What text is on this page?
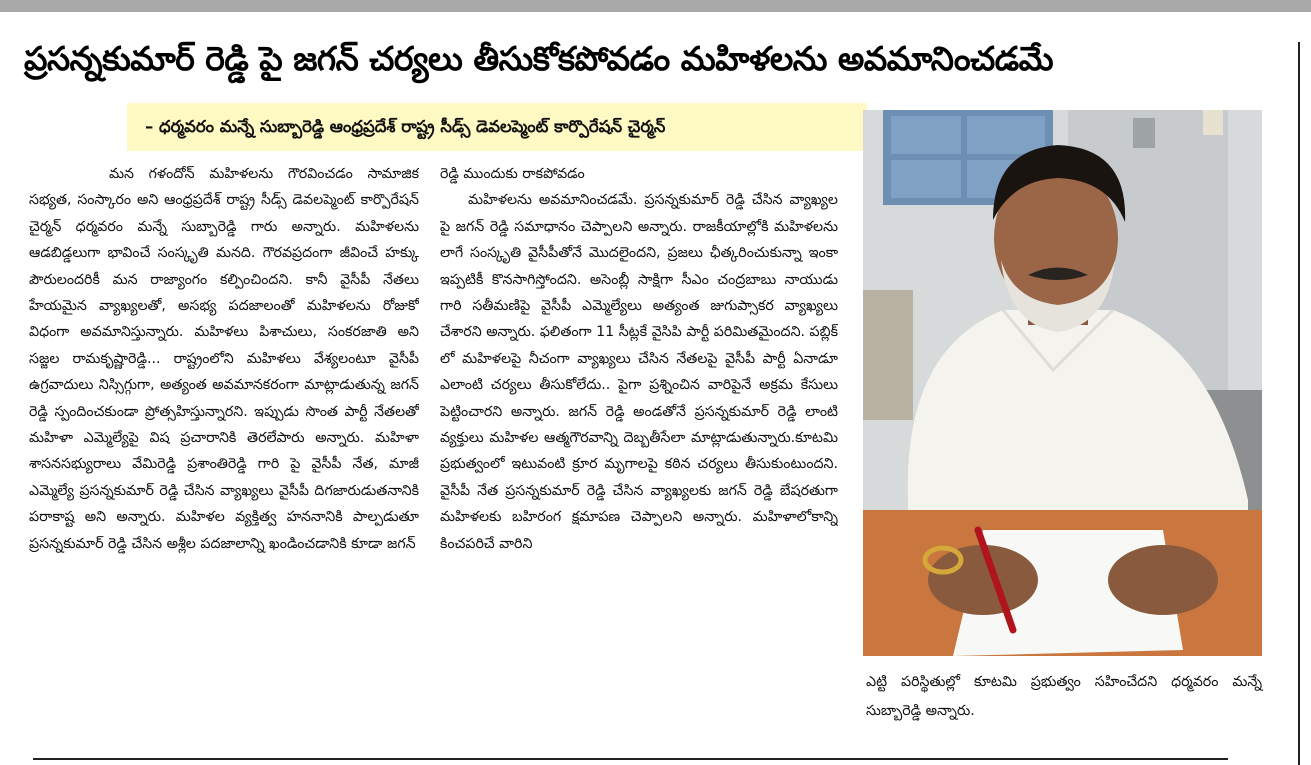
ప్రసన్నకుమార్ రెడ్డి పై జగన్ చర్యలు తీసుకోకపోవడం మహిళలను అవమానించడమే
– ధర్మవరం మన్నే సుబ్బారెడ్డి ఆంధ్రప్రదేశ్ రాష్ట్ర సీడ్స్ డెవలప్మెంట్ కార్పొరేషన్ చైర్మన్

మన గళందోన్ మహిళలను గౌరవించడం సామాజిక సభ్యత, సంస్కారం అని ఆంధ్రప్రదేశ్ రాష్ట్ర సీడ్స్ డెవలప్మెంట్ కార్పొరేషన్ చైర్మన్ ధర్మవరం మన్నే సుబ్బారెడ్డి గారు అన్నారు. మహిళలను ఆడబిడ్డలుగా భావించే సంస్కృతి మనది. గౌరవప్రదంగా జీవించే హక్కు పౌరులందరికీ మన రాజ్యాంగం కల్పించిందని. కానీ వైసీపీ నేతలు హేయమైన వ్యాఖ్యలతో, అసభ్య పదజాలంతో మహిళలను రోజుకో విధంగా అవమానిస్తున్నారు. మహిళలు పిశాచులు, సంకరజాతి అని సజ్జల రామకృష్ణారెడ్డి... రాష్ట్రంలోని మహిళలు వేశ్యలంటూ వైసీపీ ఉగ్రవాదులు నిస్సిగ్గుగా, అత్యంత అవమానకరంగా మాట్లాడుతున్న జగన్ రెడ్డి స్పందించకుండా ప్రోత్సహిస్తున్నారని. ఇప్పుడు సొంత పార్టీ నేతలతో మహిళా ఎమ్మెల్యేపై విష ప్రచారానికి తెరలేపారు అన్నారు. మహిళా శాసనసభ్యురాలు వేమిరెడ్డి ప్రశాంతిరెడ్డి గారి పై వైసీపీ నేత, మాజీ ఎమ్మెల్యే ప్రసన్నకుమార్ రెడ్డి చేసిన వ్యాఖ్యలు వైసీపీ దిగజారుడుతనానికి పరాకాష్ట అని అన్నారు. మహిళల వ్యక్తిత్వ హననానికి పాల్పడుతూ ప్రసన్నకుమార్ రెడ్డి చేసిన అశ్లీల పదజాలాన్ని ఖండించడానికి కూడా జగన్

రెడ్డి ముందుకు రాకపోవడం

మహిళలను అవమానించడమే. ప్రసన్నకుమార్ రెడ్డి చేసిన వ్యాఖ్యల పై జగన్ రెడ్డి సమాధానం చెప్పాలని అన్నారు. రాజకీయాల్లోకి మహిళలను లాగే సంస్కృతి వైసీపీతోనే మొదలైందని, ప్రజలు ఛీత్కరించుకున్నా ఇంకా ఇప్పటికీ కొనసాగిస్తోందని. అసెంబ్లీ సాక్షిగా సీఎం చంద్రబాబు నాయుడు గారి సతీమణిపై వైసీపీ ఎమ్మెల్యేలు అత్యంత జుగుప్సాకర వ్యాఖ్యలు చేశారని అన్నారు. ఫలితంగా 11 సీట్లకే వైసిపి పార్టీ పరిమితమైందని. పబ్లిక్ లో మహిళలపై నీచంగా వ్యాఖ్యలు చేసిన నేతలపై వైసీపీ పార్టీ ఏనాడూ ఎలాంటి చర్యలు తీసుకోలేదు.. పైగా ప్రశ్నించిన వారిపైనే అక్రమ కేసులు పెట్టించారని అన్నారు. జగన్ రెడ్డి అండతోనే ప్రసన్నకుమార్ రెడ్డి లాంటి వ్యక్తులు మహిళల ఆత్మగౌరవాన్ని దెబ్బతీసేలా మాట్లాడుతున్నారు.కూటమి ప్రభుత్వంలో ఇటువంటి క్రూర మృగాలపై కఠిన చర్యలు తీసుకుంటుందని. వైసీపీ నేత ప్రసన్నకుమార్ రెడ్డి చేసిన వ్యాఖ్యలకు జగన్ రెడ్డి బేషరతుగా మహిళలకు బహిరంగ క్షమాపణ చెప్పాలని అన్నారు. మహిళాలోకాన్ని కించపరిచే వారిని

ఎట్టి పరిస్థితుల్లో కూటమి ప్రభుత్వం సహించేదని ధర్మవరం మన్నే సుబ్బారెడ్డి అన్నారు.
